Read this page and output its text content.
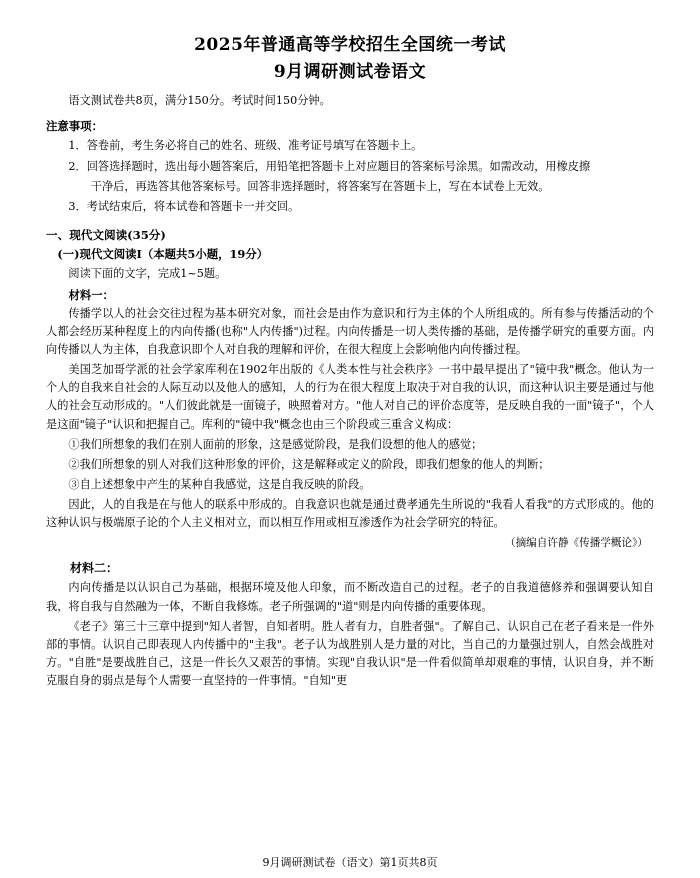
2025年普通高等学校招生全国统一考试
9月调研测试卷语文

语文测试卷共8页，满分150分。考试时间150分钟。

注意事项：

1．答卷前，考生务必将自己的姓名、班级、准考证号填写在答题卡上。

2．回答选择题时，选出每小题答案后，用铅笔把答题卡上对应题目的答案标号涂黑。如需改动，用橡皮擦

干净后，再选答其他答案标号。回答非选择题时，将答案写在答题卡上，写在本试卷上无效。

3．考试结束后，将本试卷和答题卡一并交回。

一、现代文阅读(35分)
(一)现代文阅读I（本题共5小题，19分）

阅读下面的文字，完成1~5题。

材料一：

传播学以人的社会交往过程为基本研究对象，而社会是由作为意识和行为主体的个人所组成的。所有参与传播活动的个人都会经历某种程度上的内向传播(也称"人内传播")过程。内向传播是一切人类传播的基础，是传播学研究的重要方面。内向传播以人为主体，自我意识即个人对自我的理解和评价，在很大程度上会影响他内向传播过程。

美国芝加哥学派的社会学家库利在1902年出版的《人类本性与社会秩序》一书中最早提出了"镜中我"概念。他认为一个人的自我来自社会的人际互动以及他人的感知，人的行为在很大程度上取决于对自我的认识，而这种认识主要是通过与他人的社会互动形成的。"人们彼此就是一面镜子，映照着对方。"他人对自己的评价态度等，是反映自我的一面"镜子"，个人是这面"镜子"认识和把握自己。库利的"镜中我"概念也由三个阶段或三重含义构成：

①我们所想象的我们在别人面前的形象，这是感觉阶段，是我们设想的他人的感觉；

②我们所想象的别人对我们这种形象的评价，这是解释或定义的阶段，即我们想象的他人的判断；

③自上述想象中产生的某种自我感觉，这是自我反映的阶段。

因此，人的自我是在与他人的联系中形成的。自我意识也就是通过费孝通先生所说的"我看人看我"的方式形成的。他的这种认识与极端原子论的个人主义相对立，而以相互作用或相互渗透作为社会学研究的特征。

（摘编自许静《传播学概论》）
材料二：

内向传播是以认识自己为基础，根据环境及他人印象，而不断改造自己的过程。老子的自我道德修养和强调要认知自我，将自我与自然融为一体，不断自我修炼。老子所强调的"道"则是内向传播的重要体现。

《老子》第三十三章中提到"知人者智，自知者明。胜人者有力，自胜者强"。了解自己、认识自己在老子看来是一件外部的事情。认识自己即表现人内传播中的"主我"。老子认为战胜别人是力量的对比，当自己的力量强过别人，自然会战胜对方。"自胜"是要战胜自己，这是一件长久又艰苦的事情。实现"自我认识"是一件看似简单却艰难的事情，认识自身，并不断克服自身的弱点是每个人需要一直坚持的一件事情。"自知"更

9月调研测试卷（语文）第1页共8页
